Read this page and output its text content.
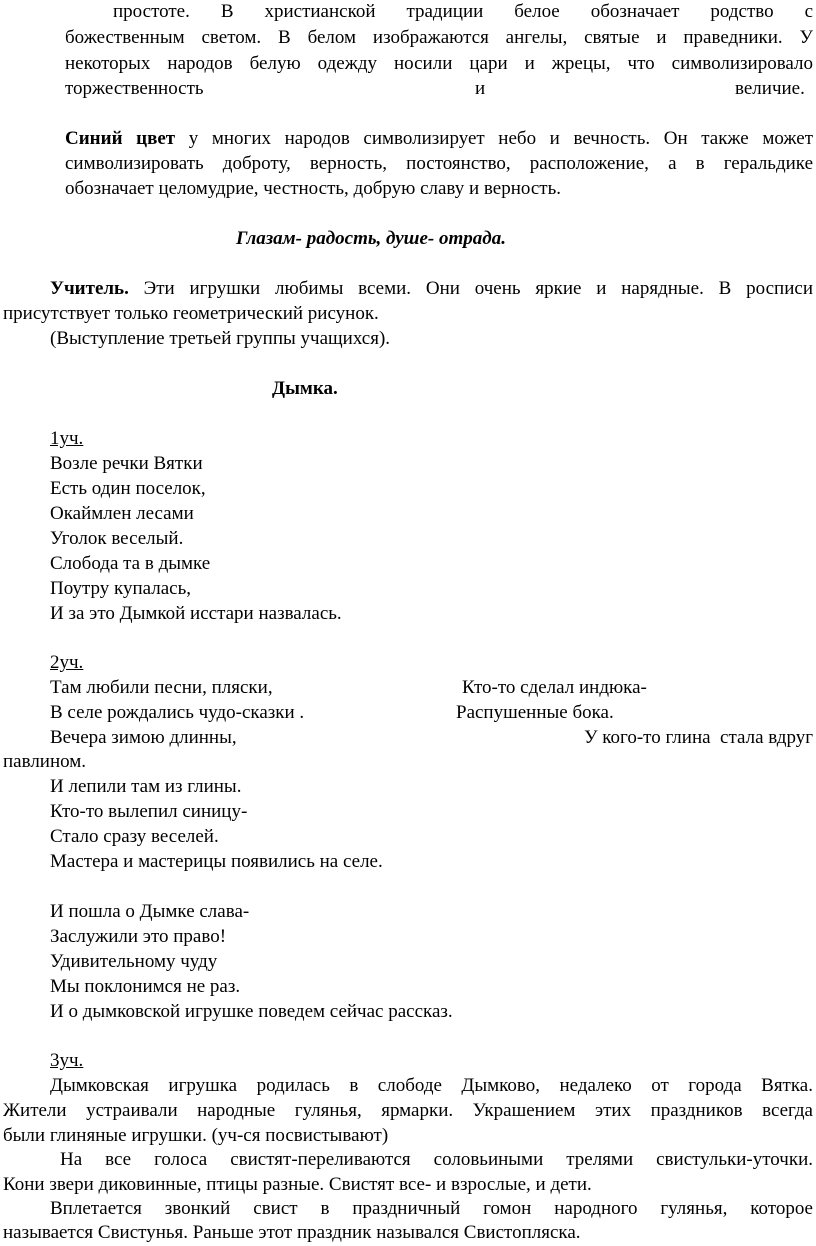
простоте. В христианской традиции белое обозначает родство с
божественным светом. В белом изображаются ангелы, святые и праведники. У
некоторых народов белую одежду носили цари и жрецы, что символизировало
торжественность	и	величие.
Синий цвет у многих народов символизирует небо и вечность. Он также может
символизировать доброту, верность, постоянство, расположение, а в геральдике
обозначает целомудрие, честность, добрую славу и верность.
Глазам- радость, душе- отрада.
Учитель. Эти игрушки любимы всеми. Они очень яркие и нарядные. В росписи
присутствует только геометрический рисунок.
(Выступление третьей группы учащихся).
Дымка.
1уч.
Возле речки Вятки
Есть один поселок,
Окаймлен лесами
Уголок веселый.
Слобода та в дымке
Поутру купалась,
И за это Дымкой исстари назвалась.
2уч.
Там любили песни, пляски,	Кто-то сделал индюка-
В селе рождались чудо-сказки .	Распушенные бока.
Вечера зимою длинны,	У кого-то глина  стала вдруг
павлином.
И лепили там из глины.
Кто-то вылепил синицу-
Стало сразу веселей.
Мастера и мастерицы появились на селе.
И пошла о Дымке слава-
Заслужили это право!
Удивительному чуду
Мы поклонимся не раз.
И о дымковской игрушке поведем сейчас рассказ.
3уч.
Дымковская игрушка родилась в слободе Дымково, недалеко от города Вятка.
Жители устраивали народные гулянья, ярмарки. Украшением этих праздников всегда
были глиняные игрушки. (уч-ся посвистывают)
На все голоса свистят-переливаются соловьиными трелями свистульки-уточки.
Кони звери диковинные, птицы разные. Свистят все- и взрослые, и дети.
Вплетается звонкий свист в праздничный гомон народного гулянья, которое
называется Свистунья. Раньше этот праздник назывался Свистопляска.
